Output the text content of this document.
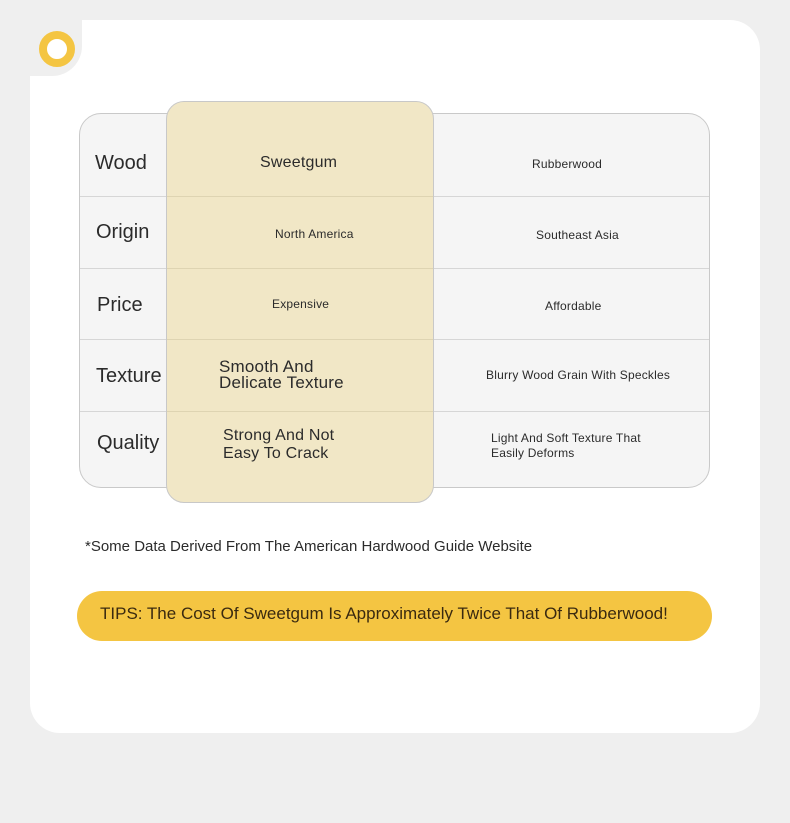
Wood
Origin
Price
Texture
Quality
Sweetgum
North America
Expensive
Smooth And
Delicate Texture
Strong And Not
Easy To Crack
Rubberwood
Southeast Asia
Affordable
Blurry Wood Grain With Speckles
Light And Soft Texture That
Easily Deforms
*Some Data Derived From The American Hardwood Guide Website
TIPS: The Cost Of Sweetgum Is Approximately Twice That Of Rubberwood!
